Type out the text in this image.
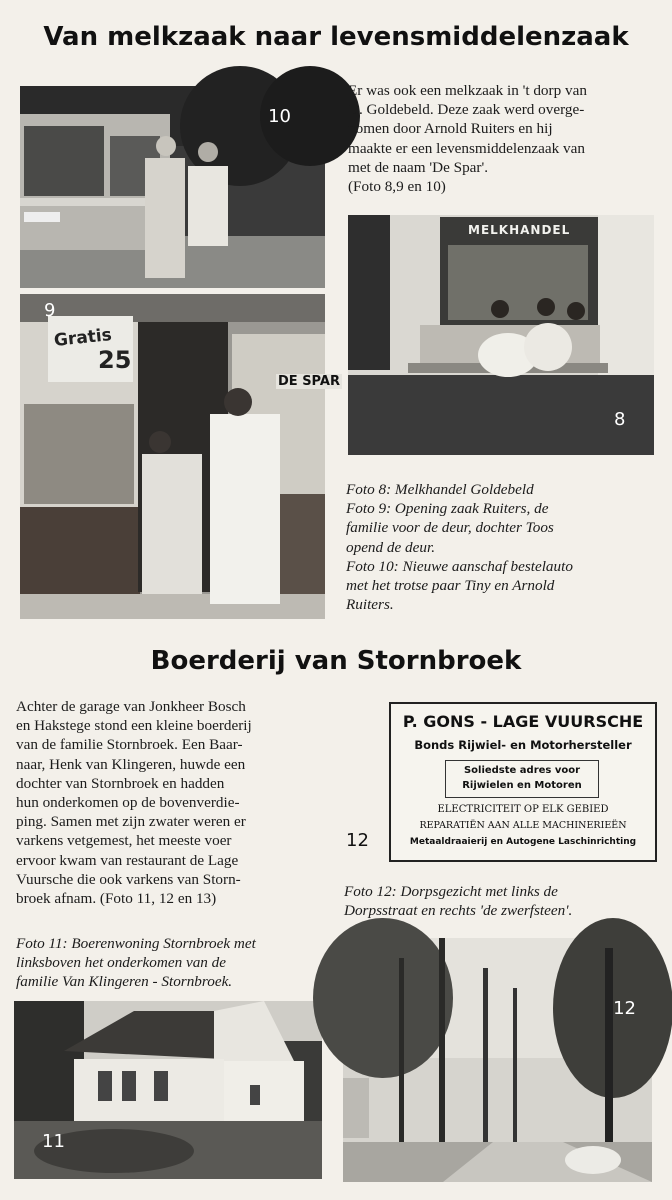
Van melkzaak naar levensmiddelenzaak
10
Gratis
25
DE SPAR
9
Er was ook een melkzaak in 't dorp van
D. Goldebeld. Deze zaak werd overge-
nomen door Arnold Ruiters en hij
maakte er een levensmiddelenzaak van
met de naam 'De Spar'.
(Foto 8,9 en 10)
MELKHANDEL
8
Foto 8: Melkhandel Goldebeld
Foto 9: Opening zaak Ruiters, de
familie voor de deur, dochter Toos
opend de deur.
Foto 10: Nieuwe aanschaf bestelauto
met het trotse paar Tiny en Arnold
Ruiters.
Boerderij van Stornbroek
Achter de garage van Jonkheer Bosch
en Hakstege stond een kleine boerderij
van de familie Stornbroek. Een Baar-
naar, Henk van Klingeren, huwde een
dochter van Stornbroek en hadden
hun onderkomen op de bovenverdie-
ping. Samen met zijn zwater weren er
varkens vetgemest, het meeste voer
ervoor kwam van restaurant de Lage
Vuursche die ook varkens van Storn-
broek afnam. (Foto 11, 12 en 13)
Foto 11: Boerenwoning Stornbroek met
linksboven het onderkomen van de
familie Van Klingeren - Stornbroek.
12
P. GONS - LAGE VUURSCHE
Bonds Rijwiel- en Motorhersteller
Soliedste adres voor
Rijwielen en Motoren
ELECTRICITEIT OP ELK GEBIED
REPARATIËN AAN ALLE MACHINERIEËN
Metaaldraaierij en Autogene Laschinrichting
Foto 12: Dorpsgezicht met links de
Dorpsstraat en rechts 'de zwerfsteen'.
11
12
